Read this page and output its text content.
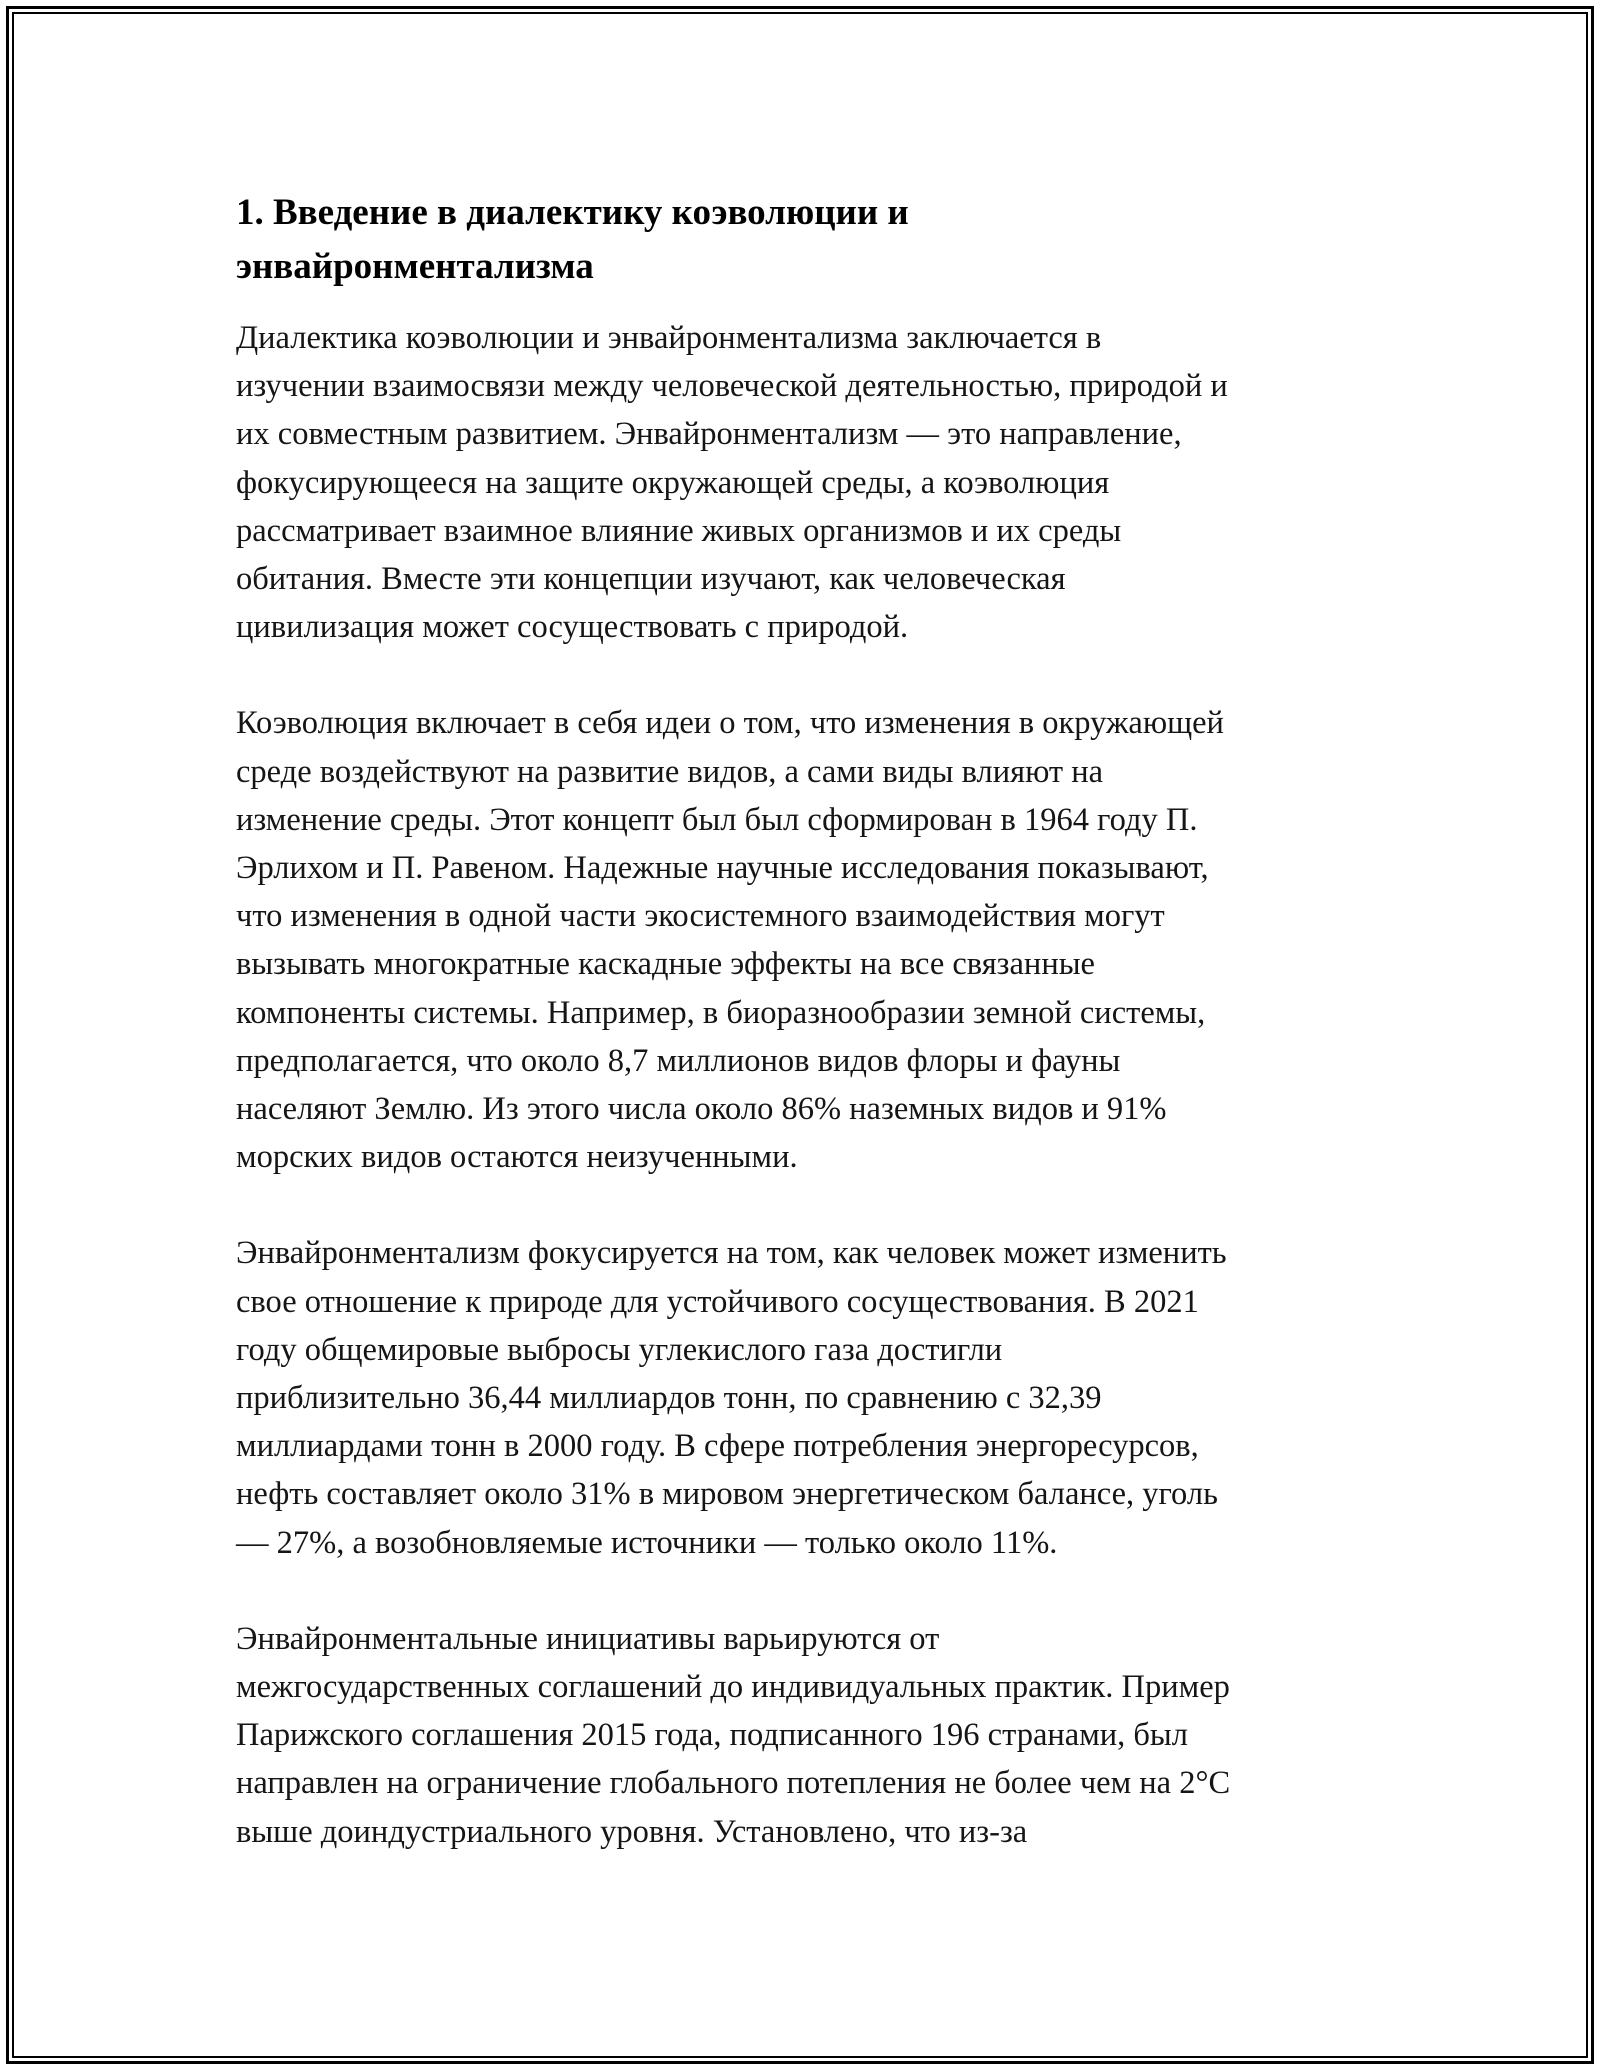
1. Введение в диалектику коэволюции и
энвайронментализма
Диалектика коэволюции и энвайронментализма заключается в
изучении взаимосвязи между человеческой деятельностью, природой и
их совместным развитием. Энвайронментализм — это направление,
фокусирующееся на защите окружающей среды, а коэволюция
рассматривает взаимное влияние живых организмов и их среды
обитания. Вместе эти концепции изучают, как человеческая
цивилизация может сосуществовать с природой.
Коэволюция включает в себя идеи о том, что изменения в окружающей
среде воздействуют на развитие видов, а сами виды влияют на
изменение среды. Этот концепт был был сформирован в 1964 году П.
Эрлихом и П. Равеном. Надежные научные исследования показывают,
что изменения в одной части экосистемного взаимодействия могут
вызывать многократные каскадные эффекты на все связанные
компоненты системы. Например, в биоразнообразии земной системы,
предполагается, что около 8,7 миллионов видов флоры и фауны
населяют Землю. Из этого числа около 86% наземных видов и 91%
морских видов остаются неизученными.
Энвайронментализм фокусируется на том, как человек может изменить
свое отношение к природе для устойчивого сосуществования. В 2021
году общемировые выбросы углекислого газа достигли
приблизительно 36,44 миллиардов тонн, по сравнению с 32,39
миллиардами тонн в 2000 году. В сфере потребления энергоресурсов,
нефть составляет около 31% в мировом энергетическом балансе, уголь
— 27%, а возобновляемые источники — только около 11%.
Энвайронментальные инициативы варьируются от
межгосударственных соглашений до индивидуальных практик. Пример
Парижского соглашения 2015 года, подписанного 196 странами, был
направлен на ограничение глобального потепления не более чем на 2°C
выше доиндустриального уровня. Установлено, что из-за
